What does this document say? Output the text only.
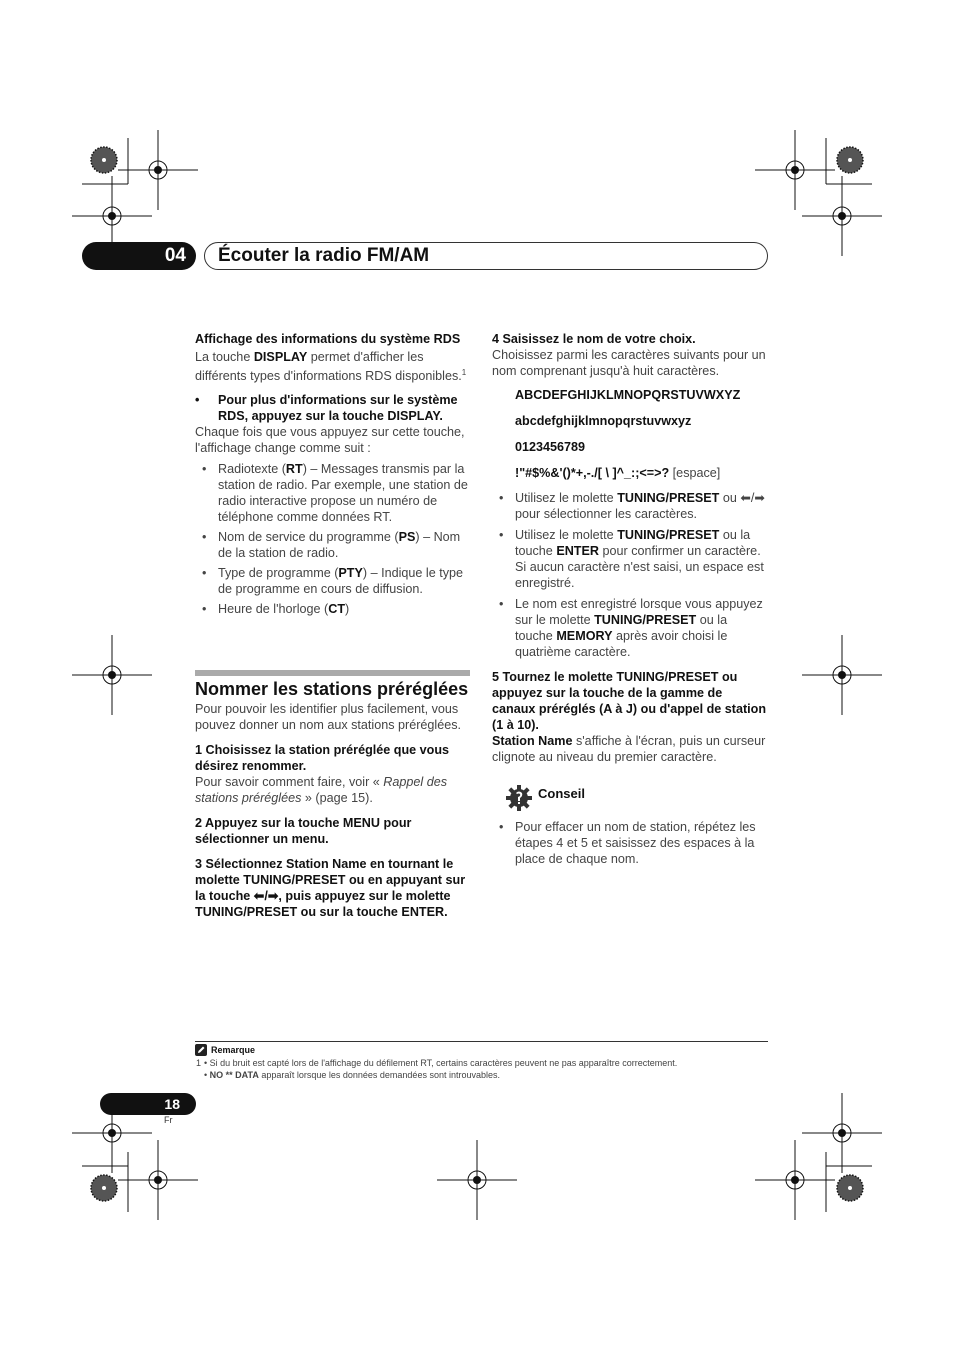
04	Écouter la radio FM/AM
Affichage des informations du système RDS
La touche DISPLAY permet d'afficher les différents types d'informations RDS disponibles.$^1$
• Pour plus d'informations sur le système RDS, appuyez sur la touche DISPLAY.
Chaque fois que vous appuyez sur cette touche, l'affichage change comme suit :
• Radiotexte (RT) – Messages transmis par la station de radio. Par exemple, une station de radio interactive propose un numéro de téléphone comme données RT.
• Nom de service du programme (PS) – Nom de la station de radio.
• Type de programme (PTY) – Indique le type de programme en cours de diffusion.
• Heure de l'horloge (CT)
Nommer les stations préréglées
Pour pouvoir les identifier plus facilement, vous pouvez donner un nom aux stations préréglées.
1 Choisissez la station préréglée que vous désirez renommer.
Pour savoir comment faire, voir « Rappel des stations préréglées » (page 15).
2 Appuyez sur la touche MENU pour sélectionner un menu.
3 Sélectionnez Station Name en tournant le molette TUNING/PRESET ou en appuyant sur la touche ⬅/➡, puis appuyez sur le molette TUNING/PRESET ou sur la touche ENTER.
4 Saisissez le nom de votre choix.
Choisissez parmi les caractères suivants pour un nom comprenant jusqu'à huit caractères.
ABCDEFGHIJKLMNOPQRSTUVWXYZ
abcdefghijklmnopqrstuvwxyz
0123456789
!"#$%&'()*+,-./[ \ ]^_:;<=>? [espace]
• Utilisez le molette TUNING/PRESET ou ⬅/➡ pour sélectionner les caractères.
• Utilisez le molette TUNING/PRESET ou la touche ENTER pour confirmer un caractère. Si aucun caractère n'est saisi, un espace est enregistré.
• Le nom est enregistré lorsque vous appuyez sur le molette TUNING/PRESET ou la touche MEMORY après avoir choisi le quatrième caractère.
5 Tournez le molette TUNING/PRESET ou appuyez sur la touche de la gamme de canaux préréglés (A à J) ou d'appel de station (1 à 10).
Station Name s'affiche à l'écran, puis un curseur clignote au niveau du premier caractère.
Conseil
• Pour effacer un nom de station, répétez les étapes 4 et 5 et saisissez des espaces à la place de chaque nom.
Remarque
1 • Si du bruit est capté lors de l'affichage du défilement RT, certains caractères peuvent ne pas apparaître correctement.
• NO ** DATA apparaît lorsque les données demandées sont introuvables.
18
Fr
